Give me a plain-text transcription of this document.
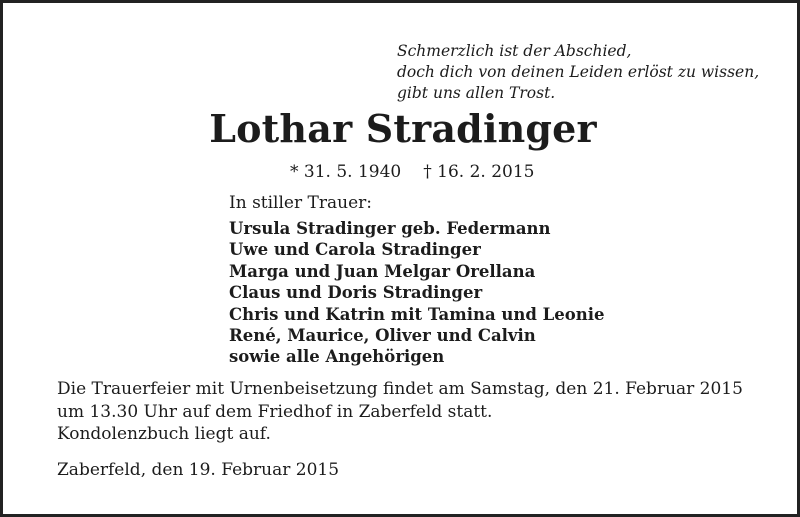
Schmerzlich ist der Abschied,
doch dich von deinen Leiden erlöst zu wissen,
gibt uns allen Trost.
Lothar Stradinger
* 31. 5. 1940 † 16. 2. 2015
In stiller Trauer:
Ursula Stradinger geb. Federmann
Uwe und Carola Stradinger
Marga und Juan Melgar Orellana
Claus und Doris Stradinger
Chris und Katrin mit Tamina und Leonie
René, Maurice, Oliver und Calvin
sowie alle Angehörigen
Die Trauerfeier mit Urnenbeisetzung findet am Samstag, den 21. Februar 2015
um 13.30 Uhr auf dem Friedhof in Zaberfeld statt.
Kondolenzbuch liegt auf.
Zaberfeld, den 19. Februar 2015
